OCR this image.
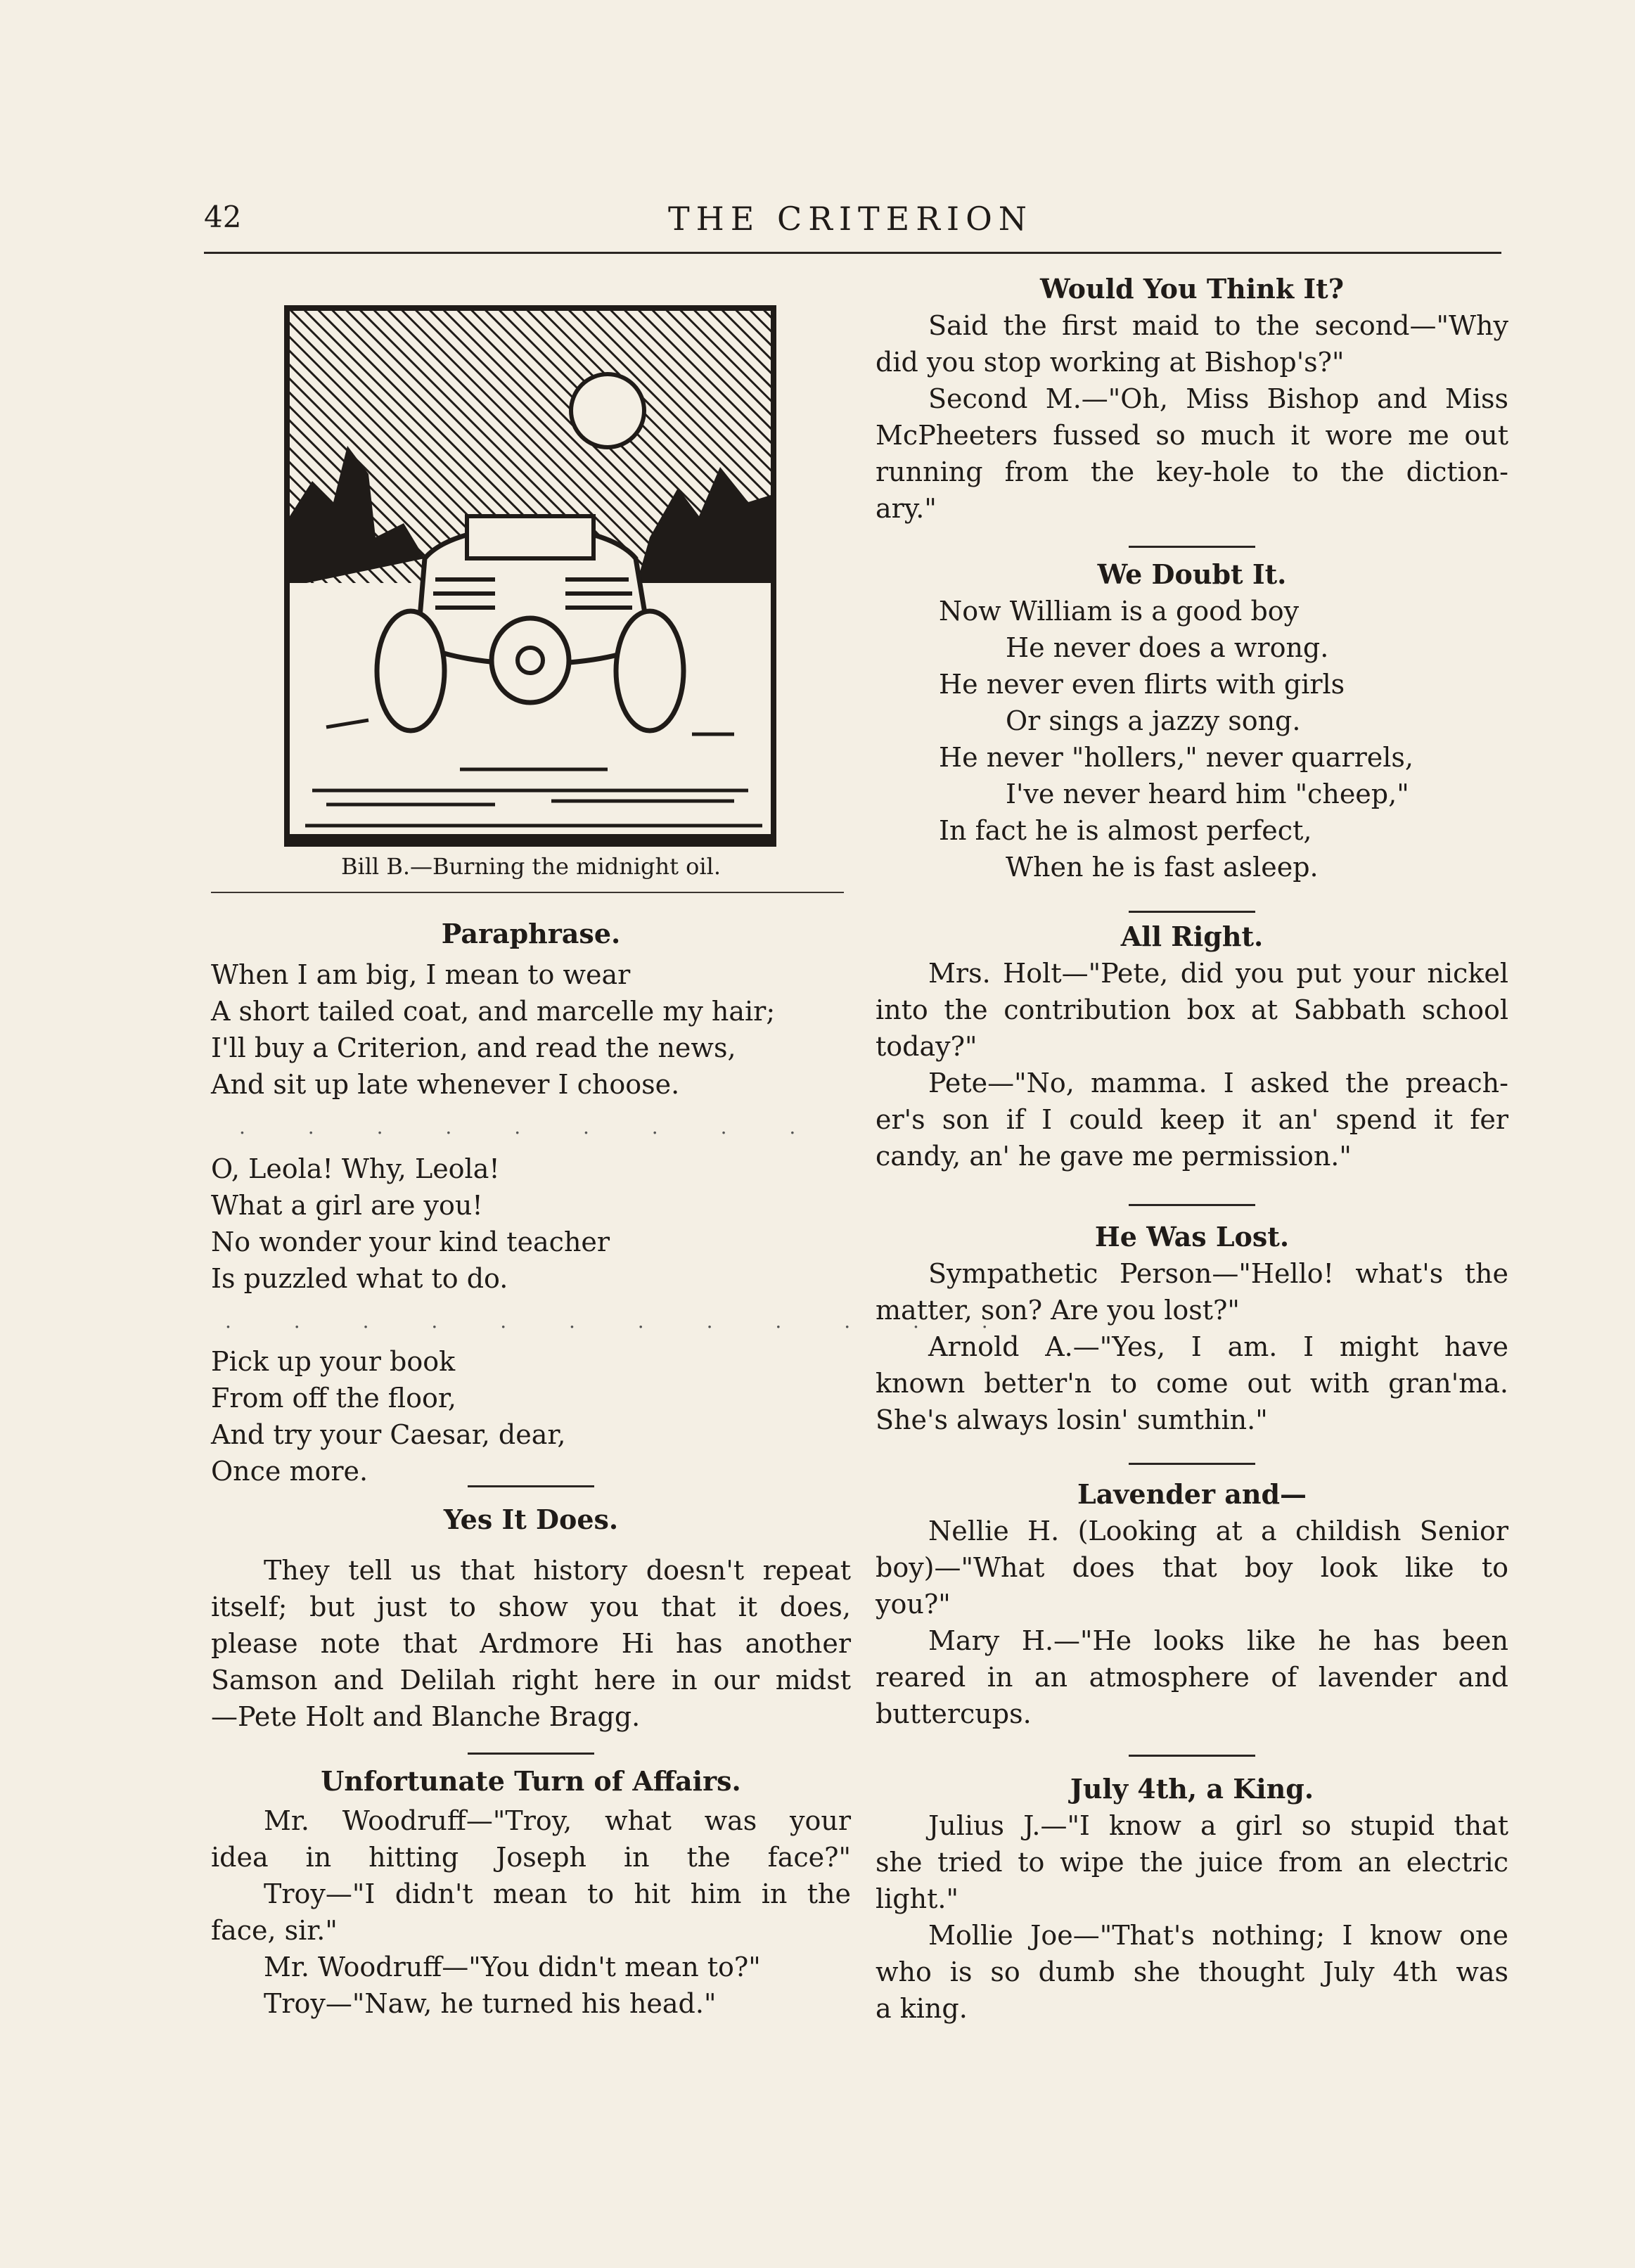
42	THE CRITERION
Bill B.—Burning the midnight oil.
Paraphrase.
When I am big, I mean to wear
A short tailed coat, and marcelle my hair;
I'll buy a Criterion, and read the news,
And sit up late whenever I choose.
. . . . . . . . .
O, Leola! Why, Leola!
What a girl are you!
No wonder your kind teacher
Is puzzled what to do.
. . . . . . . . . . . .
Pick up your book
From off the floor,
And try your Caesar, dear,
Once more.
Yes It Does.
They tell us that history doesn't repeat
itself; but just to show you that it does,
please note that Ardmore Hi has another
Samson and Delilah right here in our midst
—Pete Holt and Blanche Bragg.
Unfortunate Turn of Affairs.
Mr. Woodruff—"Troy, what was your
idea in hitting Joseph in the face?"
Troy—"I didn't mean to hit him in the
face, sir."
Mr. Woodruff—"You didn't mean to?"
Troy—"Naw, he turned his head."
Would You Think It?
Said the first maid to the second—"Why
did you stop working at Bishop's?"
Second M.—"Oh, Miss Bishop and Miss
McPheeters fussed so much it wore me out
running from the key-hole to the diction-
ary."
We Doubt It.
Now William is a good boy
He never does a wrong.
He never even flirts with girls
Or sings a jazzy song.
He never "hollers," never quarrels,
I've never heard him "cheep,"
In fact he is almost perfect,
When he is fast asleep.
All Right.
Mrs. Holt—"Pete, did you put your nickel
into the contribution box at Sabbath school
today?"
Pete—"No, mamma. I asked the preach-
er's son if I could keep it an' spend it fer
candy, an' he gave me permission."
He Was Lost.
Sympathetic Person—"Hello! what's the
matter, son? Are you lost?"
Arnold A.—"Yes, I am. I might have
known better'n to come out with gran'ma.
She's always losin' sumthin."
Lavender and—
Nellie H. (Looking at a childish Senior
boy)—"What does that boy look like to
you?"
Mary H.—"He looks like he has been
reared in an atmosphere of lavender and
buttercups.
July 4th, a King.
Julius J.—"I know a girl so stupid that
she tried to wipe the juice from an electric
light."
Mollie Joe—"That's nothing; I know one
who is so dumb she thought July 4th was
a king.
